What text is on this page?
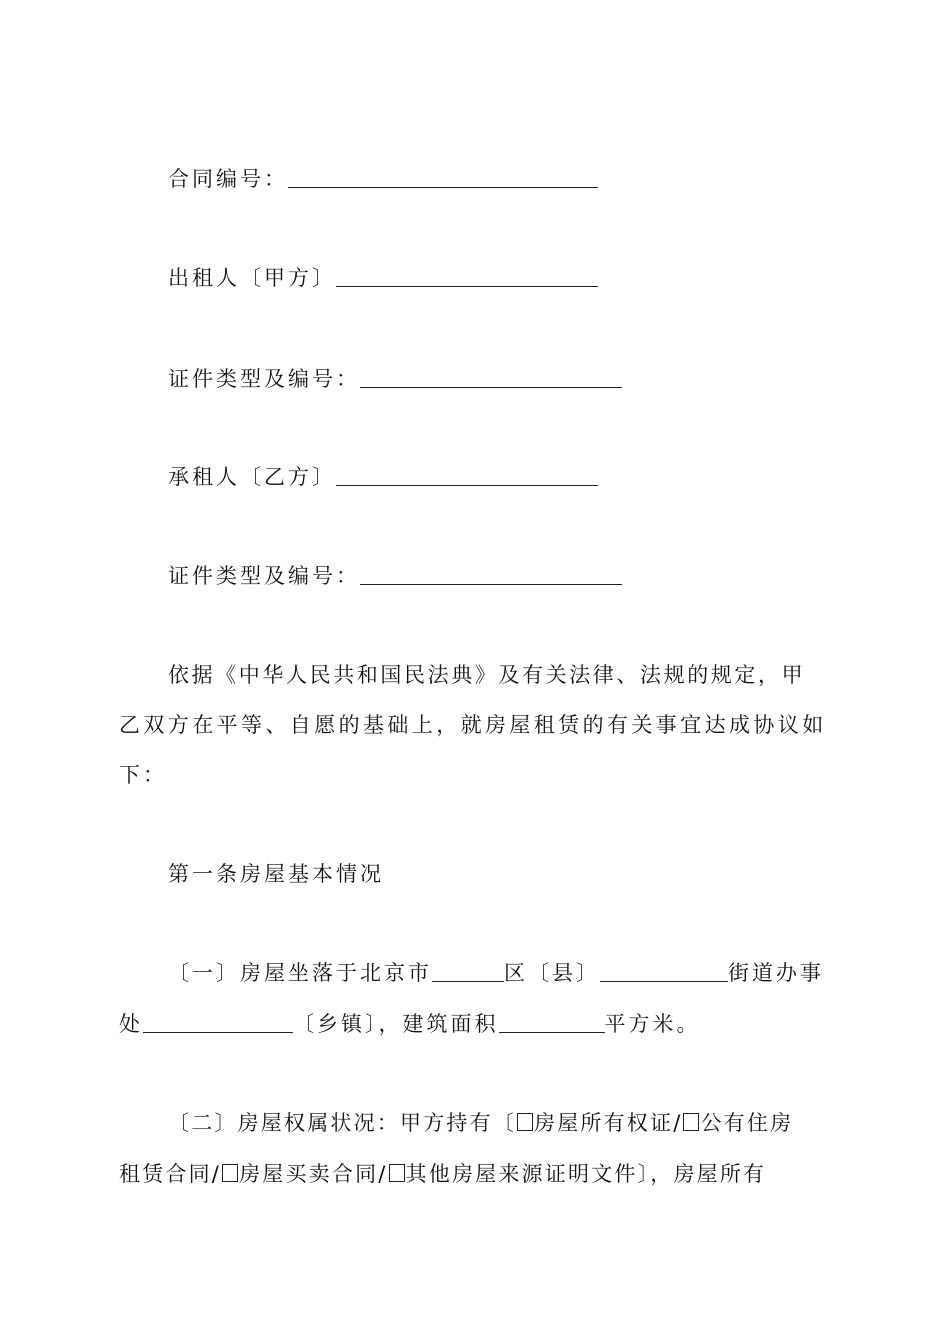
合同编号：
出租人〔甲方〕
证件类型及编号：
承租人〔乙方〕
证件类型及编号：
依据《中华人民共和国民法典》及有关法律、法规的规定，甲
乙双方在平等、自愿的基础上，就房屋租赁的有关事宜达成协议如
下：
第一条房屋基本情况
〔一〕房屋坐落于北京市	区〔县〕	街道办事
处	〔乡镇〕，建筑面积	平方米。
〔二〕房屋权属状况：甲方持有〔 房屋所有权证/ 公有住房
租赁合同/ 房屋买卖合同/ 其他房屋来源证明文件〕，房屋所有
